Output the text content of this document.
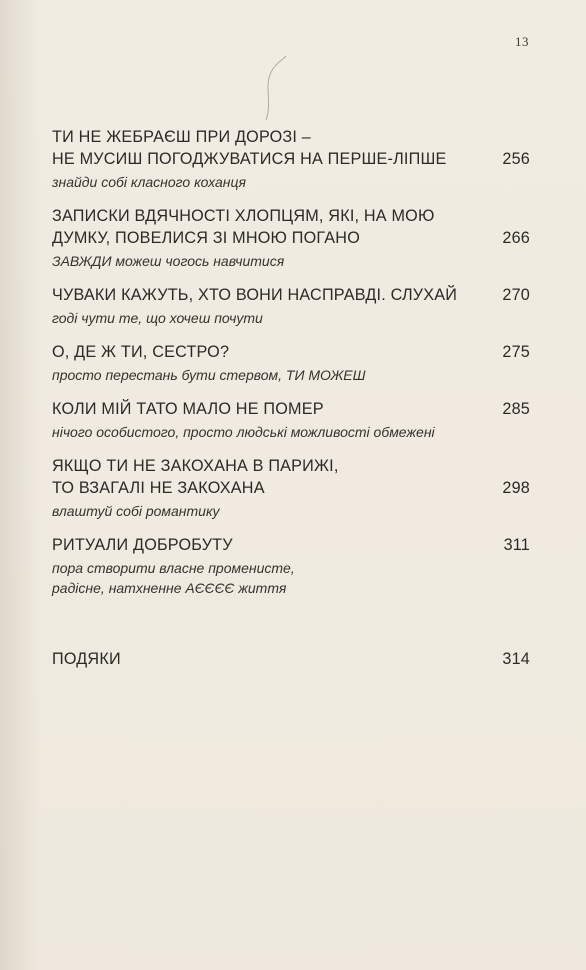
13
ТИ НЕ ЖЕБРАЄШ ПРИ ДОРОЗІ –
НЕ МУСИШ ПОГОДЖУВАТИСЯ НА ПЕРШЕ-ЛІПШЕ	256
знайди собі класного коханця
ЗАПИСКИ ВДЯЧНОСТІ ХЛОПЦЯМ, ЯКІ, НА МОЮ
ДУМКУ, ПОВЕЛИСЯ ЗІ МНОЮ ПОГАНО	266
ЗАВЖДИ можеш чогось навчитися
ЧУВАКИ КАЖУТЬ, ХТО ВОНИ НАСПРАВДІ. СЛУХАЙ	270
годі чути те, що хочеш почути
О, ДЕ Ж ТИ, СЕСТРО?	275
просто перестань бути стервом, ТИ МОЖЕШ
КОЛИ МІЙ ТАТО МАЛО НЕ ПОМЕР	285
нічого особистого, просто людські можливості обмежені
ЯКЩО ТИ НЕ ЗАКОХАНА В ПАРИЖІ,
ТО ВЗАГАЛІ НЕ ЗАКОХАНА	298
влаштуй собі романтику
РИТУАЛИ ДОБРОБУТУ	311
пора створити власне променисте,
радісне, натхненне АЄЄЄЄ життя
ПОДЯКИ	314
